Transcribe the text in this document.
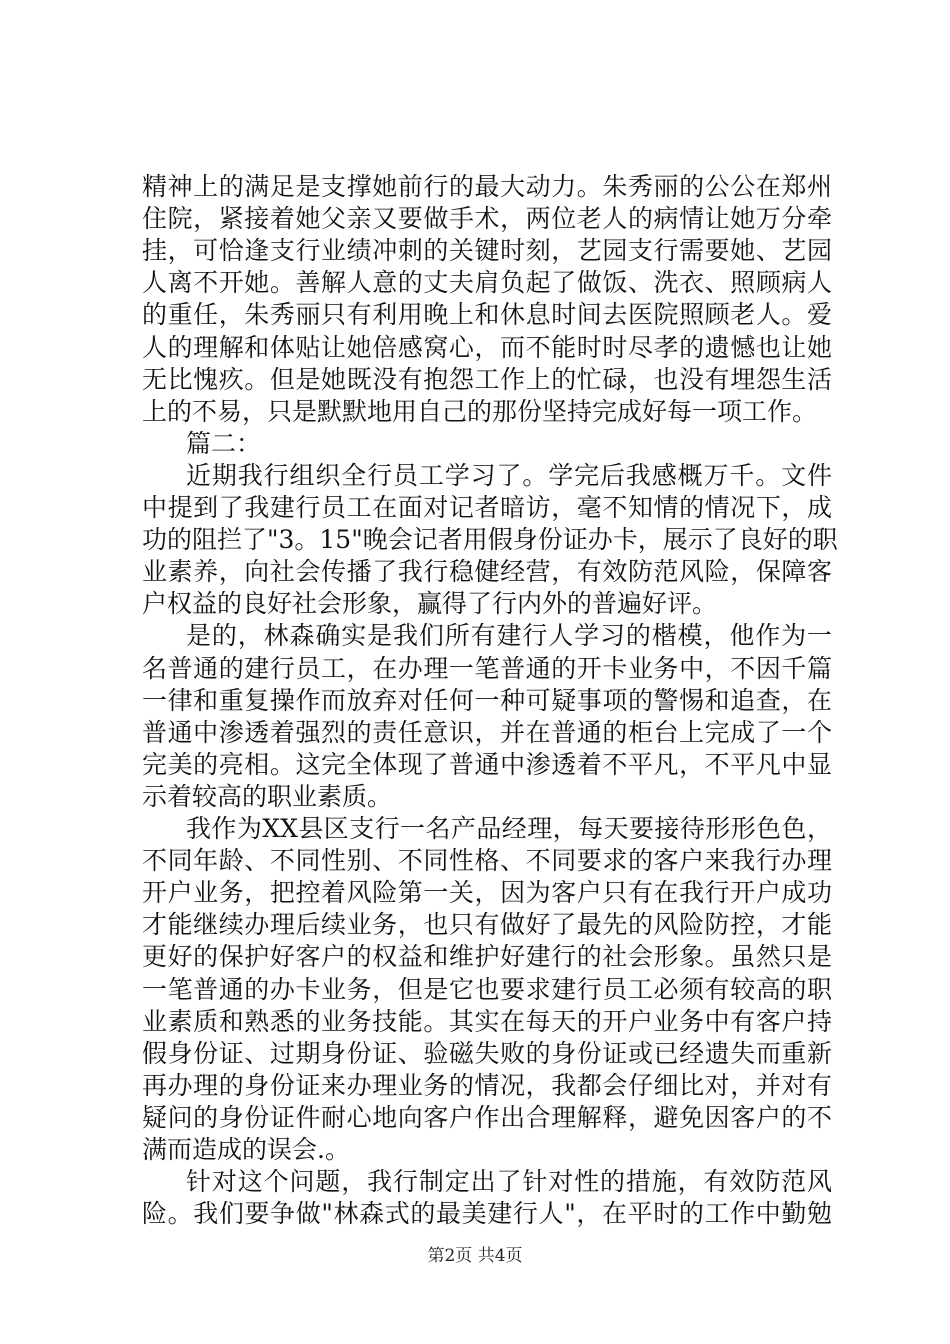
精神上的满足是支撑她前行的最大动力。朱秀丽的公公在郑州
住院，紧接着她父亲又要做手术，两位老人的病情让她万分牵
挂，可恰逢支行业绩冲刺的关键时刻，艺园支行需要她、艺园
人离不开她。善解人意的丈夫肩负起了做饭、洗衣、照顾病人
的重任，朱秀丽只有利用晚上和休息时间去医院照顾老人。爱
人的理解和体贴让她倍感窝心，而不能时时尽孝的遗憾也让她
无比愧疚。但是她既没有抱怨工作上的忙碌，也没有埋怨生活
上的不易，只是默默地用自己的那份坚持完成好每一项工作。
篇二：
近期我行组织全行员工学习了。学完后我感概万千。文件
中提到了我建行员工在面对记者暗访，毫不知情的情况下，成
功的阻拦了"3。15"晚会记者用假身份证办卡，展示了良好的职
业素养，向社会传播了我行稳健经营，有效防范风险，保障客
户权益的良好社会形象，赢得了行内外的普遍好评。
是的，林森确实是我们所有建行人学习的楷模，他作为一
名普通的建行员工，在办理一笔普通的开卡业务中，不因千篇
一律和重复操作而放弃对任何一种可疑事项的警惕和追查，在
普通中渗透着强烈的责任意识，并在普通的柜台上完成了一个
完美的亮相。这完全体现了普通中渗透着不平凡，不平凡中显
示着较高的职业素质。
我作为XX县区支行一名产品经理，每天要接待形形色色，
不同年龄、不同性别、不同性格、不同要求的客户来我行办理
开户业务，把控着风险第一关，因为客户只有在我行开户成功
才能继续办理后续业务，也只有做好了最先的风险防控，才能
更好的保护好客户的权益和维护好建行的社会形象。虽然只是
一笔普通的办卡业务，但是它也要求建行员工必须有较高的职
业素质和熟悉的业务技能。其实在每天的开户业务中有客户持
假身份证、过期身份证、验磁失败的身份证或已经遗失而重新
再办理的身份证来办理业务的情况，我都会仔细比对，并对有
疑问的身份证件耐心地向客户作出合理解释，避免因客户的不
满而造成的误会.。
针对这个问题，我行制定出了针对性的措施，有效防范风
险。我们要争做"林森式的最美建行人"，在平时的工作中勤勉
第2页 共4页
